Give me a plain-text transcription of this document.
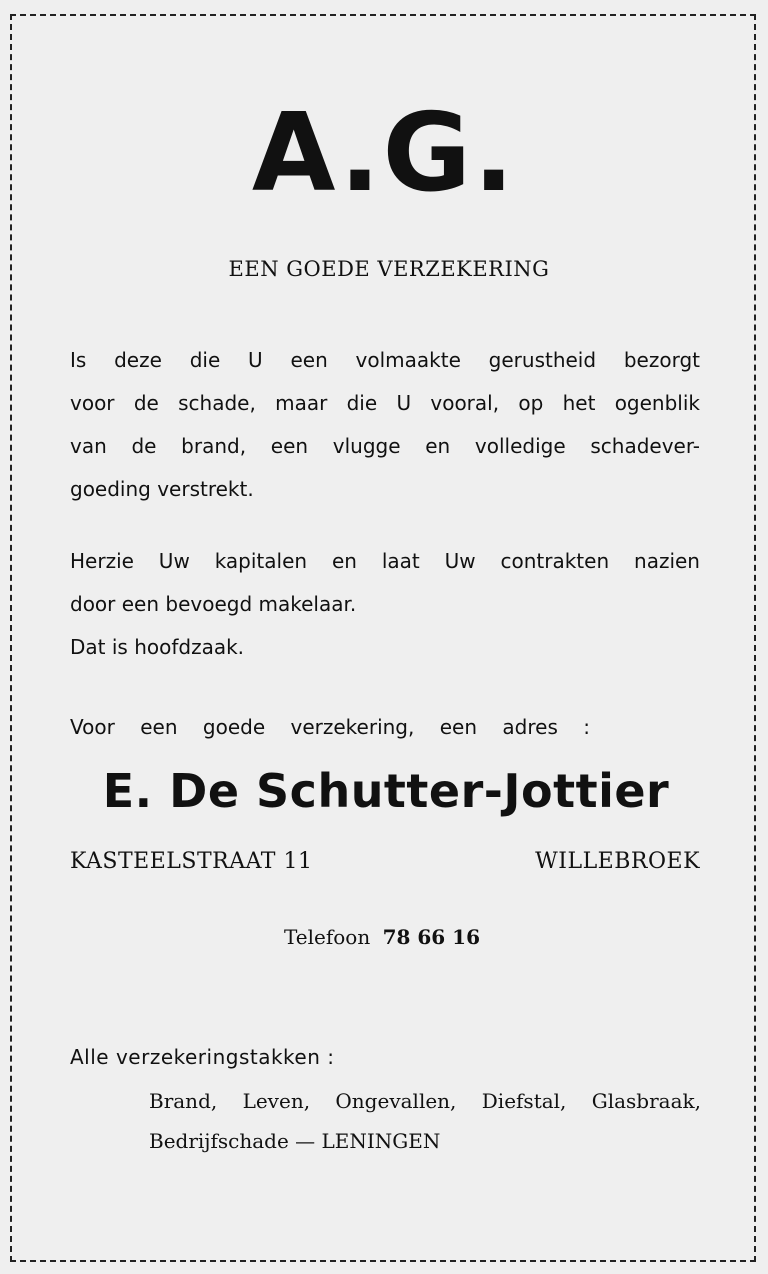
A.G.
EEN GOEDE VERZEKERING
Is deze die U een volmaakte gerustheid bezorgt
voor de schade, maar die U vooral, op het ogenblik
van de brand, een vlugge en volledige schadever-
goeding verstrekt.
Herzie Uw kapitalen en laat Uw contrakten nazien
door een bevoegd makelaar.
Dat is hoofdzaak.
Voor een goede verzekering, een adres :
E. De Schutter-Jottier
KASTEELSTRAAT 11	WILLEBROEK
Telefoon 78 66 16
Alle verzekeringstakken :
Brand, Leven, Ongevallen, Diefstal, Glasbraak,
Bedrijfschade — LENINGEN
